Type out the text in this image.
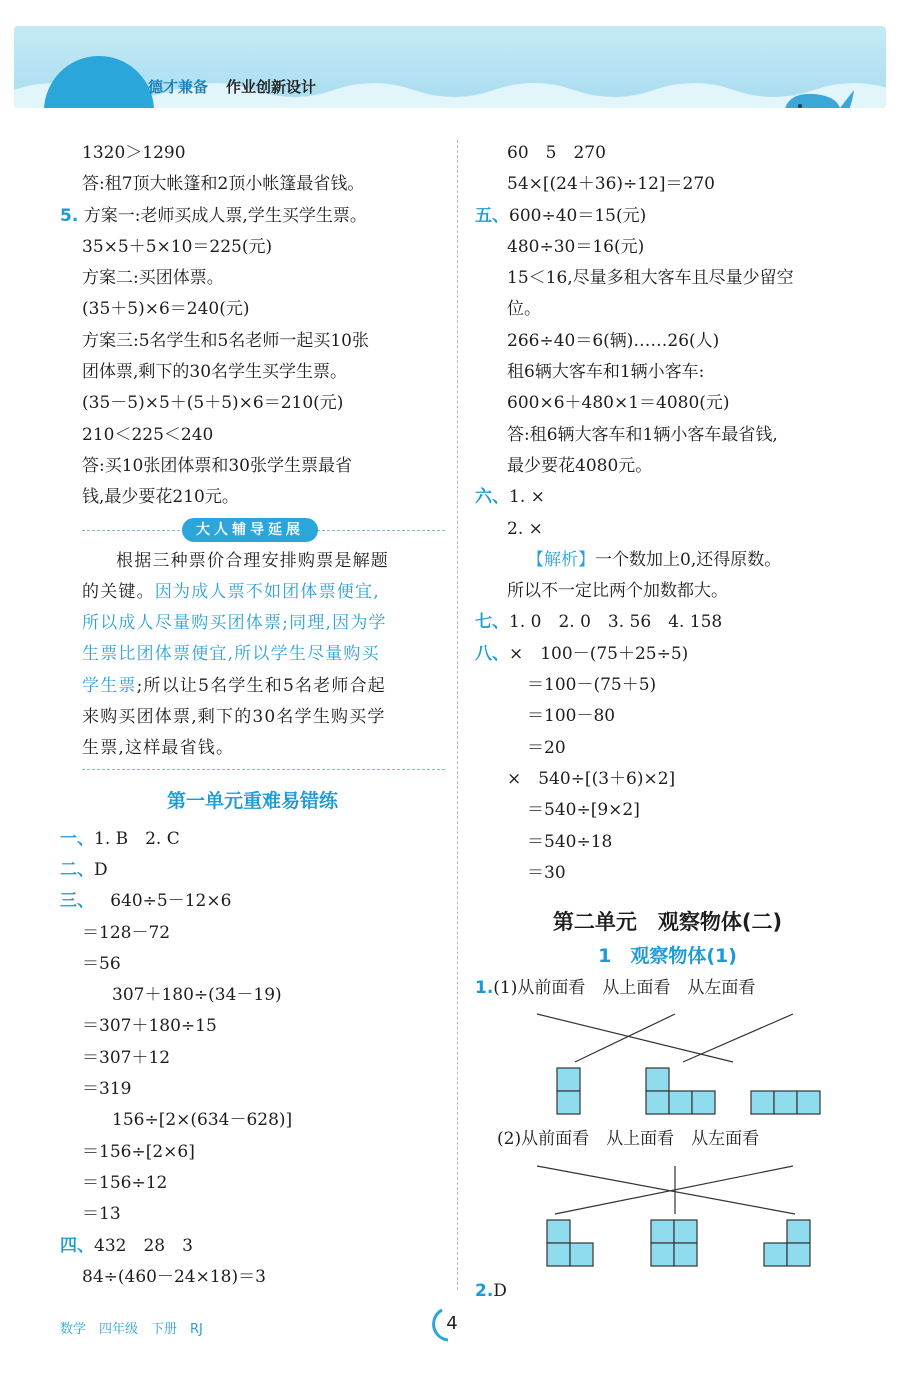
德才兼备 作业创新设计
1320＞1290
答:租7顶大帐篷和2顶小帐篷最省钱。
5. 方案一:老师买成人票,学生买学生票。
35×5＋5×10＝225(元)
方案二:买团体票。
(35＋5)×6＝240(元)
方案三:5名学生和5名老师一起买10张
团体票,剩下的30名学生买学生票。
(35－5)×5＋(5＋5)×6＝210(元)
210＜225＜240
答:买10张团体票和30张学生票最省
钱,最少要花210元。
大人辅导延展
根据三种票价合理安排购票是解题
的关键。因为成人票不如团体票便宜,
所以成人尽量购买团体票;同理,因为学
生票比团体票便宜,所以学生尽量购买
学生票;所以让5名学生和5名老师合起
来购买团体票,剩下的30名学生购买学
生票,这样最省钱。
第一单元重难易错练
一、1. B　2. C
二、D
三、 640÷5－12×6
＝128－72
＝56
307＋180÷(34－19)
＝307＋180÷15
＝307＋12
＝319
156÷[2×(634－628)]
＝156÷[2×6]
＝156÷12
＝13
四、432　28　3
84÷(460－24×18)＝3
60　5　270
54×[(24＋36)÷12]＝270
五、600÷40＝15(元)
480÷30＝16(元)
15＜16,尽量多租大客车且尽量少留空
位。
266÷40＝6(辆)……26(人)
租6辆大客车和1辆小客车:
600×6＋480×1＝4080(元)
答:租6辆大客车和1辆小客车最省钱,
最少要花4080元。
六、1. ×
2. ×
【解析】一个数加上0,还得原数。
所以不一定比两个加数都大。
七、1. 0　2. 0　3. 56　4. 158
八、×　100－(75＋25÷5)
＝100－(75＋5)
＝100－80
＝20
×　540÷[(3＋6)×2]
＝540÷[9×2]
＝540÷18
＝30
第二单元　观察物体(二)
1　观察物体(1)
1.(1)从前面看　从上面看　从左面看
(2)从前面看　从上面看　从左面看
2.D
数学　四年级　下册　RJ	4
